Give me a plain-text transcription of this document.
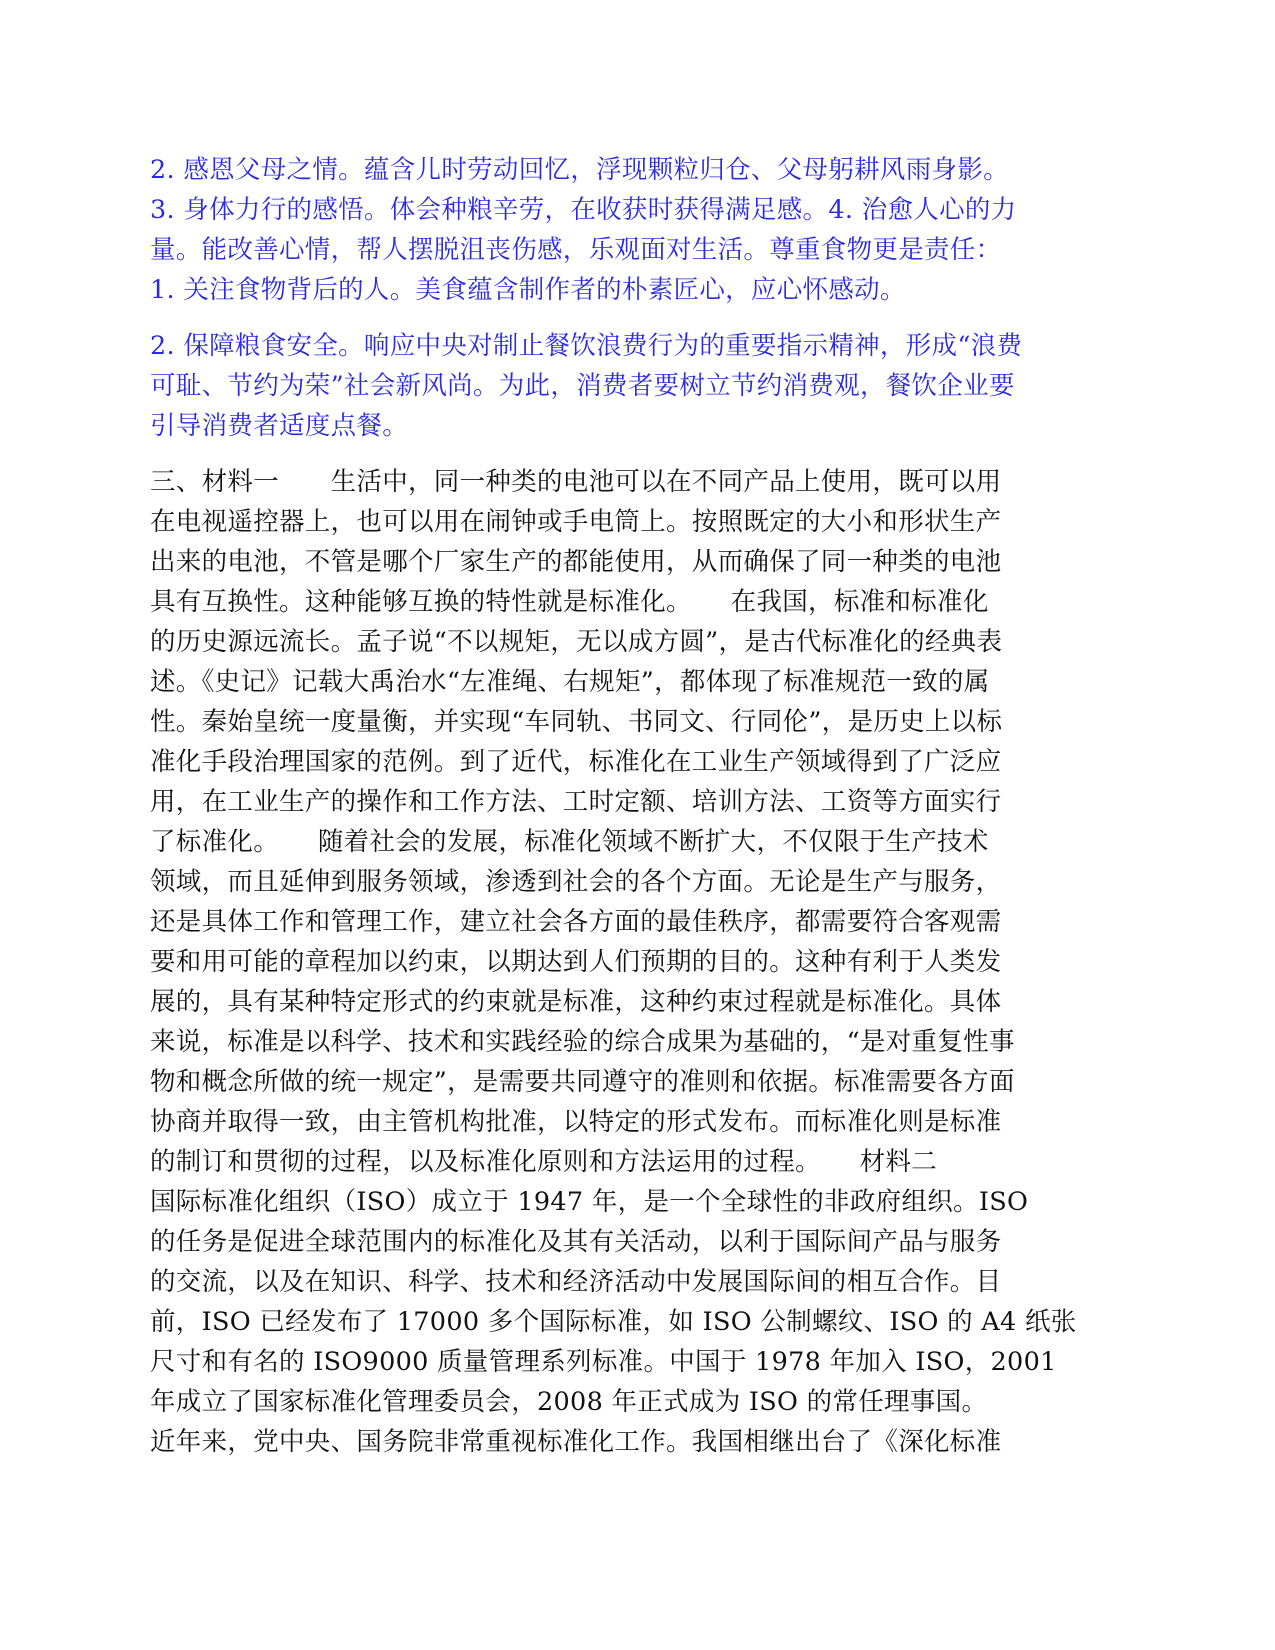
2. 感恩父母之情。蕴含儿时劳动回忆，浮现颗粒归仓、父母躬耕风雨身影。
3. 身体力行的感悟。体会种粮辛劳，在收获时获得满足感。4. 治愈人心的力
量。能改善心情，帮人摆脱沮丧伤感，乐观面对生活。尊重食物更是责任：
1. 关注食物背后的人。美食蕴含制作者的朴素匠心，应心怀感动。
2. 保障粮食安全。响应中央对制止餐饮浪费行为的重要指示精神，形成“浪费
可耻、节约为荣”社会新风尚。为此，消费者要树立节约消费观，餐饮企业要
引导消费者适度点餐。
三、材料一　　生活中，同一种类的电池可以在不同产品上使用，既可以用
在电视遥控器上，也可以用在闹钟或手电筒上。按照既定的大小和形状生产
出来的电池，不管是哪个厂家生产的都能使用，从而确保了同一种类的电池
具有互换性。这种能够互换的特性就是标准化。　　在我国，标准和标准化
的历史源远流长。孟子说“不以规矩，无以成方圆”，是古代标准化的经典表
述。《史记》记载大禹治水“左准绳、右规矩”，都体现了标准规范一致的属
性。秦始皇统一度量衡，并实现“车同轨、书同文、行同伦”，是历史上以标
准化手段治理国家的范例。到了近代，标准化在工业生产领域得到了广泛应
用，在工业生产的操作和工作方法、工时定额、培训方法、工资等方面实行
了标准化。　　随着社会的发展，标准化领域不断扩大，不仅限于生产技术
领域，而且延伸到服务领域，渗透到社会的各个方面。无论是生产与服务，
还是具体工作和管理工作，建立社会各方面的最佳秩序，都需要符合客观需
要和用可能的章程加以约束，以期达到人们预期的目的。这种有利于人类发
展的，具有某种特定形式的约束就是标准，这种约束过程就是标准化。具体
来说，标准是以科学、技术和实践经验的综合成果为基础的，“是对重复性事
物和概念所做的统一规定”，是需要共同遵守的准则和依据。标准需要各方面
协商并取得一致，由主管机构批准，以特定的形式发布。而标准化则是标准
的制订和贯彻的过程，以及标准化原则和方法运用的过程。　　材料二
国际标准化组织（ISO）成立于 1947 年，是一个全球性的非政府组织。ISO
的任务是促进全球范围内的标准化及其有关活动，以利于国际间产品与服务
的交流，以及在知识、科学、技术和经济活动中发展国际间的相互合作。目
前，ISO 已经发布了 17000 多个国际标准，如 ISO 公制螺纹、ISO 的 A4 纸张
尺寸和有名的 ISO9000 质量管理系列标准。中国于 1978 年加入 ISO，2001
年成立了国家标准化管理委员会，2008 年正式成为 ISO 的常任理事国。
近年来，党中央、国务院非常重视标准化工作。我国相继出台了《深化标准
